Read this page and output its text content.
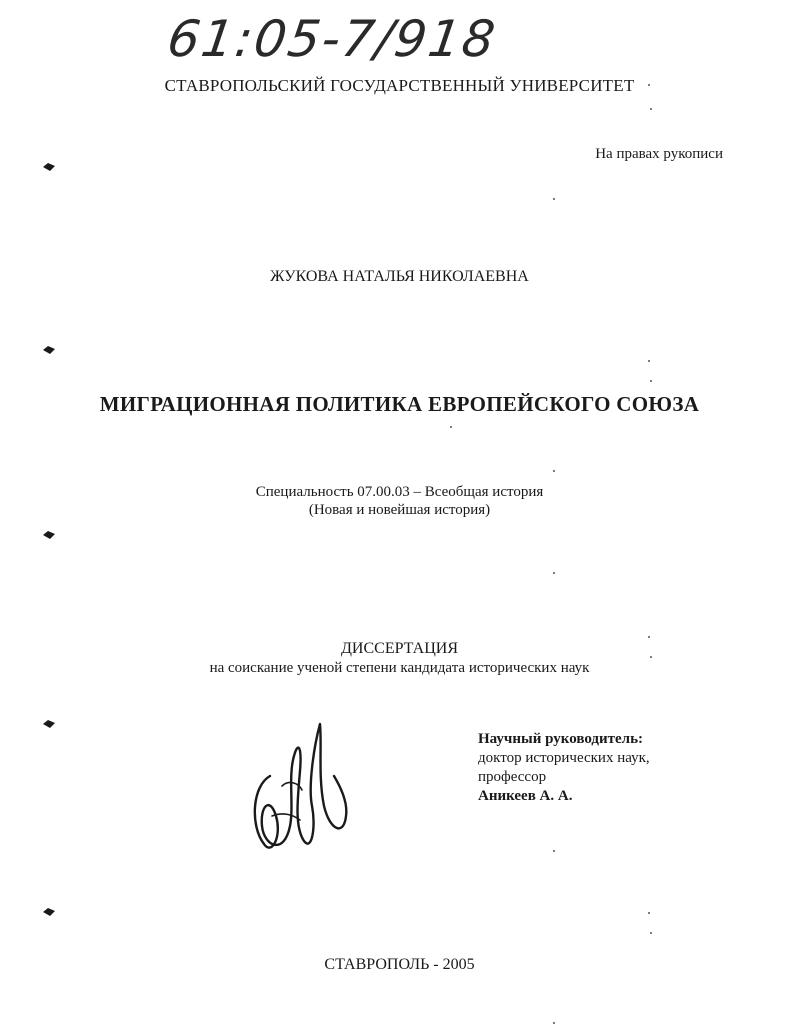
61:05-7/918
СТАВРОПОЛЬСКИЙ ГОСУДАРСТВЕННЫЙ УНИВЕРСИТЕТ
На правах рукописи
ЖУКОВА НАТАЛЬЯ НИКОЛАЕВНА
МИГРАЦИОННАЯ ПОЛИТИКА ЕВРОПЕЙСКОГО СОЮЗА
Специальность 07.00.03 – Всеобщая история
(Новая и новейшая история)
ДИССЕРТАЦИЯ
на соискание ученой степени кандидата исторических наук
Научный руководитель:
доктор исторических наук,
профессор
Аникеев А. А.
СТАВРОПОЛЬ - 2005
